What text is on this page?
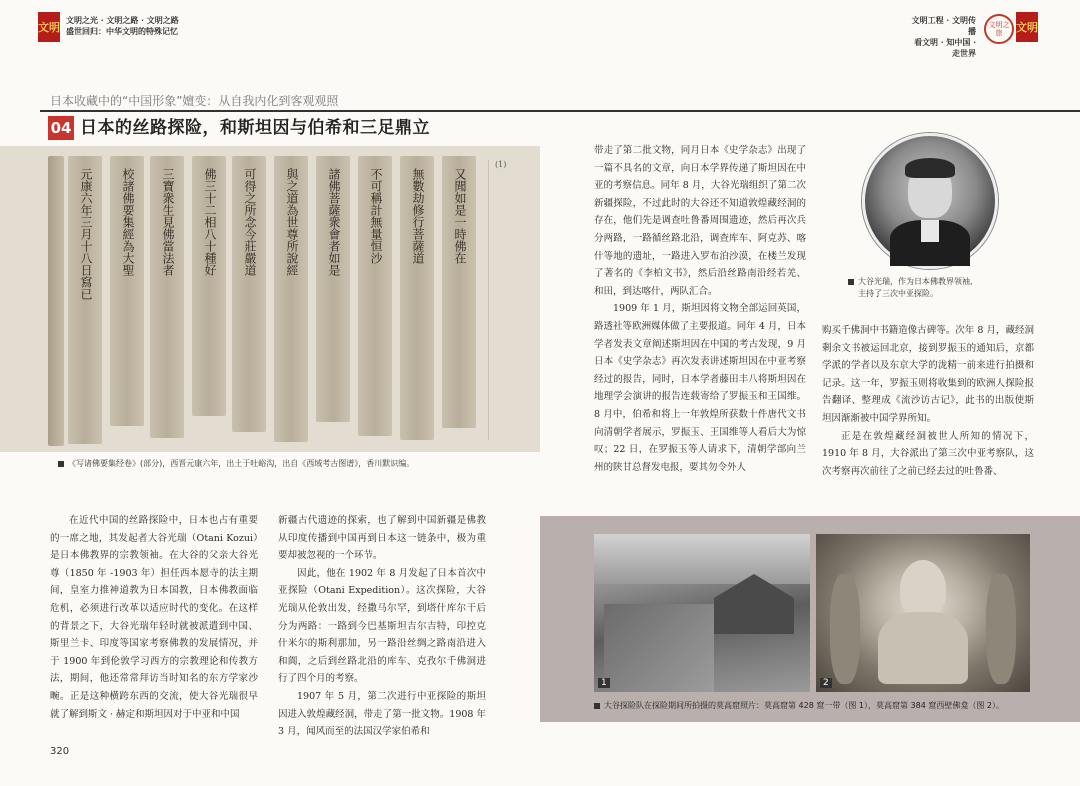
文明
文明之光 · 文明之路 · 文明之路
盛世回归：中华文明的特殊记忆
文明工程 · 文明传播
看文明 · 知中国 · 走世界
文明之旅	文明
日本收藏中的“中国形象”嬗变：从自我内化到客观观照
04 日本的丝路探险，和斯坦因与伯希和三足鼎立
元康六年三月十八日寫已 校諸佛要集經為大聖 三寶衆生見佛當法者 佛三十二相八十種好 可得之所念今莊嚴道 與之道為世尊所說經 諸佛菩薩衆會者如是 不可稱計無量恒沙 無數劫修行菩薩道 又聞如是一時佛在
(1)
《写诸佛要集经卷》(部分)，西晋元康六年，出土于吐峪沟，出自《西域考古图谱》，香川默识编。
大谷光瑞，作为日本佛教界领袖,
主持了三次中亚探险。

在近代中国的丝路探险中，日本也占有重要的一席之地，其发起者大谷光瑞（Otani Kozui）是日本佛教界的宗教领袖。在大谷的父亲大谷光尊（1850 年 -1903 年）担任西本愿寺的法主期间，皇室力推神道教为日本国教，日本佛教面临危机，必须进行改革以适应时代的变化。在这样的背景之下，大谷光瑞年轻时就被派遣到中国、斯里兰卡、印度等国家考察佛教的发展情况，并于 1900 年到伦敦学习西方的宗教理论和传教方法，期间，他还常常拜访当时知名的东方学家沙畹。正是这种横跨东西的交流，使大谷光瑞很早就了解到斯文 · 赫定和斯坦因对于中亚和中国

新疆古代遗迹的探索，也了解到中国新疆是佛教从印度传播到中国再到日本这一链条中，极为重要却被忽视的一个环节。

因此，他在 1902 年 8 月发起了日本首次中亚探险（Otani Expedition）。这次探险，大谷光瑞从伦敦出发，经撒马尔罕，到塔什库尔干后分为两路：一路到今巴基斯坦吉尔吉特，印控克什米尔的斯利那加，另一路沿丝绸之路南沿进入和阗，之后到丝路北沿的库车、克孜尔千佛洞进行了四个月的考察。

1907 年 5 月，第二次进行中亚探险的斯坦因进入敦煌藏经洞，带走了第一批文物。1908 年 3 月，闻风而至的法国汉学家伯希和

带走了第二批文物，同月日本《史学杂志》出现了一篇不具名的文章，向日本学界传递了斯坦因在中亚的考察信息。同年 8 月，大谷光瑞组织了第二次新疆探险，不过此时的大谷还不知道敦煌藏经洞的存在，他们先是调查吐鲁番周围遗迹，然后再次兵分两路，一路循丝路北沿，调查库车、阿克苏、喀什等地的遗址，一路进入罗布泊沙漠，在楼兰发现了著名的《李柏文书》，然后沿丝路南沿经若羌、和田，到达喀什，两队汇合。

1909 年 1 月，斯坦因将文物全部运回英国，路透社等欧洲媒体做了主要报道。同年 4 月，日本学者发表文章阐述斯坦因在中国的考古发现，9 月日本《史学杂志》再次发表讲述斯坦因在中亚考察经过的报告，同时，日本学者藤田丰八将斯坦因在地理学会演讲的报告连载寄给了罗振玉和王国维。8 月中，伯希和将上一年敦煌所获数十件唐代文书向清朝学者展示，罗振玉、王国维等人看后大为惊叹；22 日，在罗振玉等人请求下，清朝学部向兰州的陕甘总督发电报，要其勿令外人

购买千佛洞中书籍造像古碑等。次年 8 月，藏经洞剩余文书被运回北京，接到罗振玉的通知后，京都学派的学者以及东京大学的泷精一前来进行拍摄和记录。这一年，罗振玉则将收集到的欧洲人探险报告翻译、整理成《流沙访古记》，此书的出版使斯坦因渐渐被中国学界所知。

正是在敦煌藏经洞被世人所知的情况下，1910 年 8 月，大谷派出了第三次中亚考察队，这次考察再次前往了之前已经去过的吐鲁番、

1	2
大谷探险队在探险期间所拍摄的莫高窟照片：莫高窟第 428 窟一带（图 1），莫高窟第 384 窟西壁佛龛（图 2）。
320
